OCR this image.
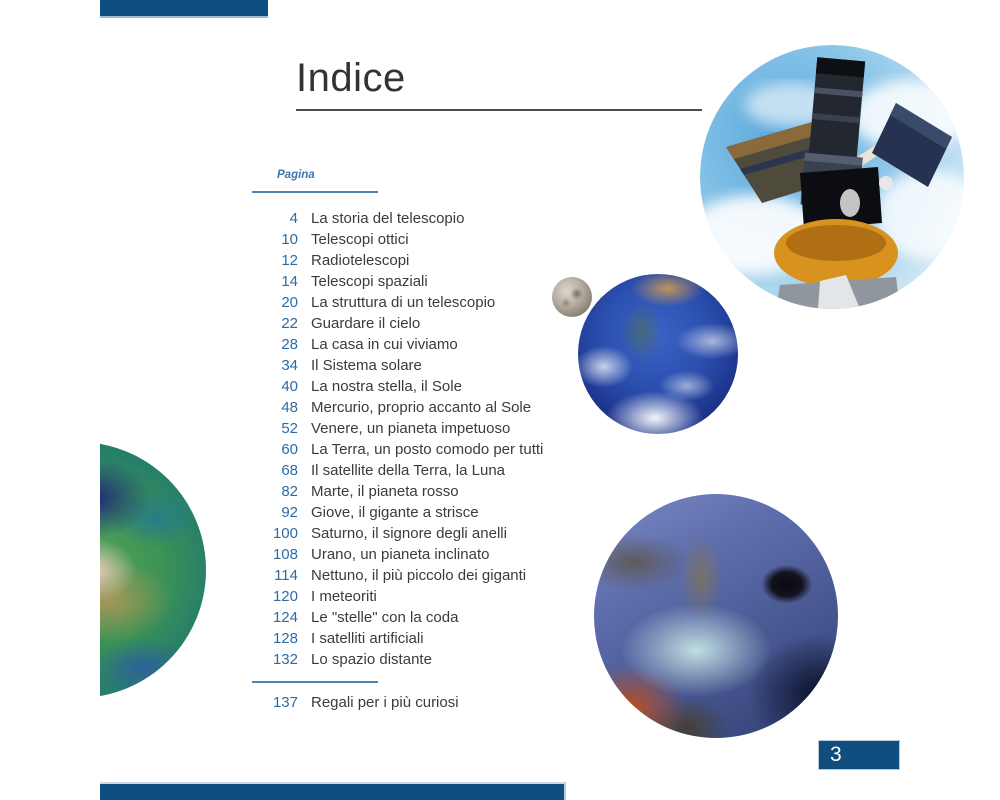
Indice
Pagina
4 La storia del telescopio
10 Telescopi ottici
12 Radiotelescopi
14 Telescopi spaziali
20 La struttura di un telescopio
22 Guardare il cielo
28 La casa in cui viviamo
34 Il Sistema solare
40 La nostra stella, il Sole
48 Mercurio, proprio accanto al Sole
52 Venere, un pianeta impetuoso
60 La Terra, un posto comodo per tutti
68 Il satellite della Terra, la Luna
82 Marte, il pianeta rosso
92 Giove, il gigante a strisce
100 Saturno, il signore degli anelli
108 Urano, un pianeta inclinato
114 Nettuno, il più piccolo dei giganti
120 I meteoriti
124 Le "stelle" con la coda
128 I satelliti artificiali
132 Lo spazio distante
137 Regali per i più curiosi
3
